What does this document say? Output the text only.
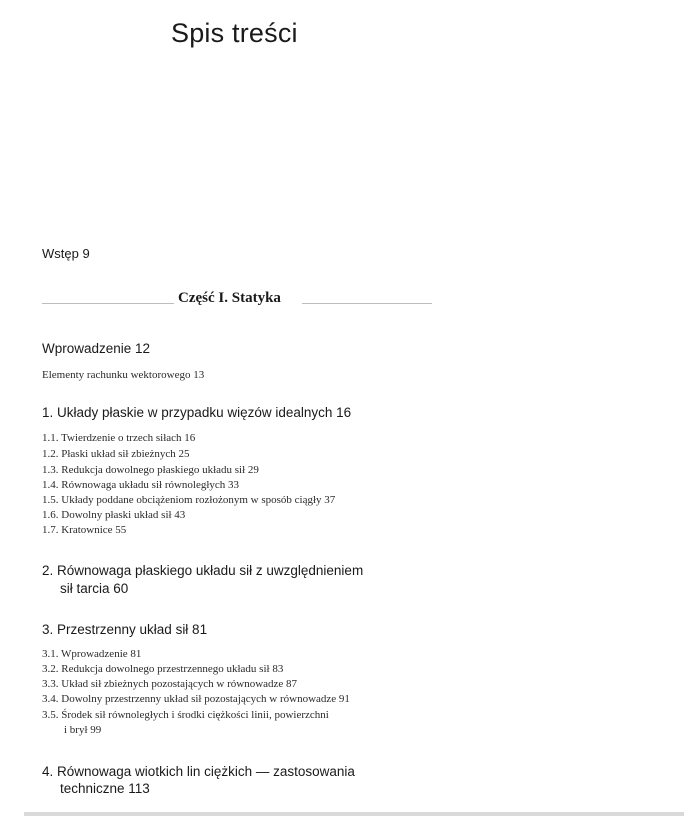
Spis treści
Wstęp 9
Część I. Statyka
Wprowadzenie 12
Elementy rachunku wektorowego 13
1. Układy płaskie w przypadku więzów idealnych 16
1.1. Twierdzenie o trzech siłach 16
1.2. Płaski układ sił zbieżnych 25
1.3. Redukcja dowolnego płaskiego układu sił 29
1.4. Równowaga układu sił równoległych 33
1.5. Układy poddane obciążeniom rozłożonym w sposób ciągły 37
1.6. Dowolny płaski układ sił 43
1.7. Kratownice 55
2. Równowaga płaskiego układu sił z uwzględnieniem
sił tarcia 60
3. Przestrzenny układ sił 81
3.1. Wprowadzenie 81
3.2. Redukcja dowolnego przestrzennego układu sił 83
3.3. Układ sił zbieżnych pozostających w równowadze 87
3.4. Dowolny przestrzenny układ sił pozostających w równowadze 91
3.5. Środek sił równoległych i środki ciężkości linii, powierzchni
i brył 99
4. Równowaga wiotkich lin ciężkich — zastosowania
techniczne 113
